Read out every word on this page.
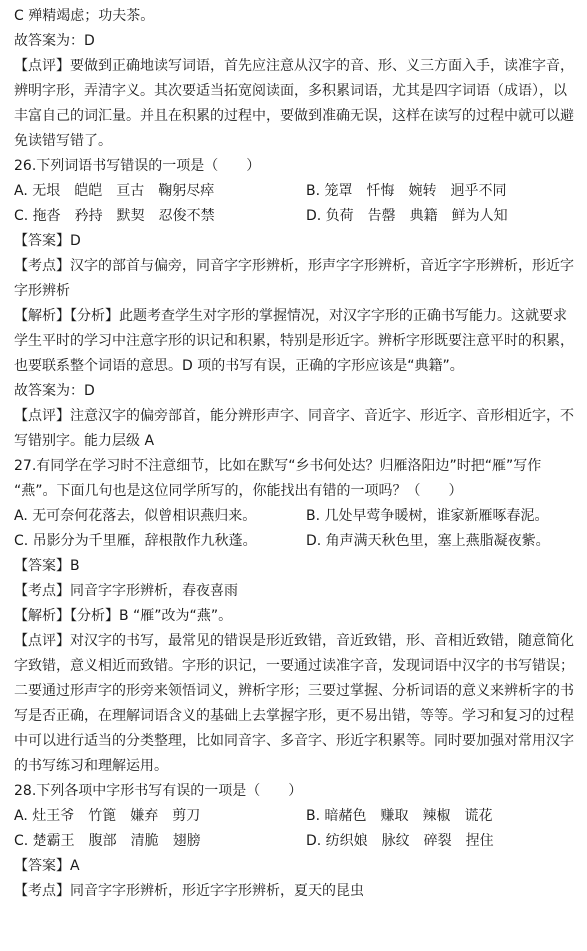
C 殚精竭虑；功夫茶。
故答案为：D
【点评】要做到正确地读写词语，首先应注意从汉字的音、形、义三方面入手，读准字音，
辨明字形，弄清字义。其次要适当拓宽阅读面，多积累词语，尤其是四字词语（成语），以
丰富自己的词汇量。并且在积累的过程中，要做到准确无误，这样在读写的过程中就可以避
免读错写错了。
26.下列词语书写错误的一项是（　　）
A. 无垠　皑皑　亘古　鞠躬尽瘁	B. 笼罩　忏悔　婉转　迥乎不同
C. 拖沓　矜持　默契　忍俊不禁	D. 负荷　告罄　典籍　鲜为人知
【答案】D
【考点】汉字的部首与偏旁，同音字字形辨析，形声字字形辨析，音近字字形辨析，形近字
字形辨析
【解析】【分析】此题考查学生对字形的掌握情况，对汉字字形的正确书写能力。这就要求
学生平时的学习中注意字形的识记和积累，特别是形近字。辨析字形既要注意平时的积累，
也要联系整个词语的意思。D 项的书写有误，正确的字形应该是“典籍”。
故答案为：D
【点评】注意汉字的偏旁部首，能分辨形声字、同音字、音近字、形近字、音形相近字，不
写错别字。能力层级 A
27.有同学在学习时不注意细节，比如在默写“乡书何处达？归雁洛阳边”时把“雁”写作
“燕”。下面几句也是这位同学所写的，你能找出有错的一项吗？（　　）
A. 无可奈何花落去，似曾相识燕归来。	B. 几处早莺争暖树，谁家新雁啄春泥。
C. 吊影分为千里雁，辞根散作九秋蓬。	D. 角声满天秋色里，塞上燕脂凝夜紫。
【答案】B
【考点】同音字字形辨析，春夜喜雨
【解析】【分析】B “雁”改为“燕”。
【点评】对汉字的书写，最常见的错误是形近致错，音近致错，形、音相近致错，随意简化
字致错，意义相近而致错。字形的识记，一要通过读准字音，发现词语中汉字的书写错误；
二要通过形声字的形旁来领悟词义，辨析字形；三要过掌握、分析词语的意义来辨析字的书
写是否正确，在理解词语含义的基础上去掌握字形，更不易出错，等等。学习和复习的过程
中可以进行适当的分类整理，比如同音字、多音字、形近字积累等。同时要加强对常用汉字
的书写练习和理解运用。
28.下列各项中字形书写有误的一项是（　　）
A. 灶王爷　竹篦　嫌弃　剪刀	B. 暗赭色　赚取　辣椒　谎花
C. 楚霸王　腹部　清脆　翅膀	D. 纺织娘　脉纹　碎裂　捏住
【答案】A
【考点】同音字字形辨析，形近字字形辨析，夏天的昆虫
